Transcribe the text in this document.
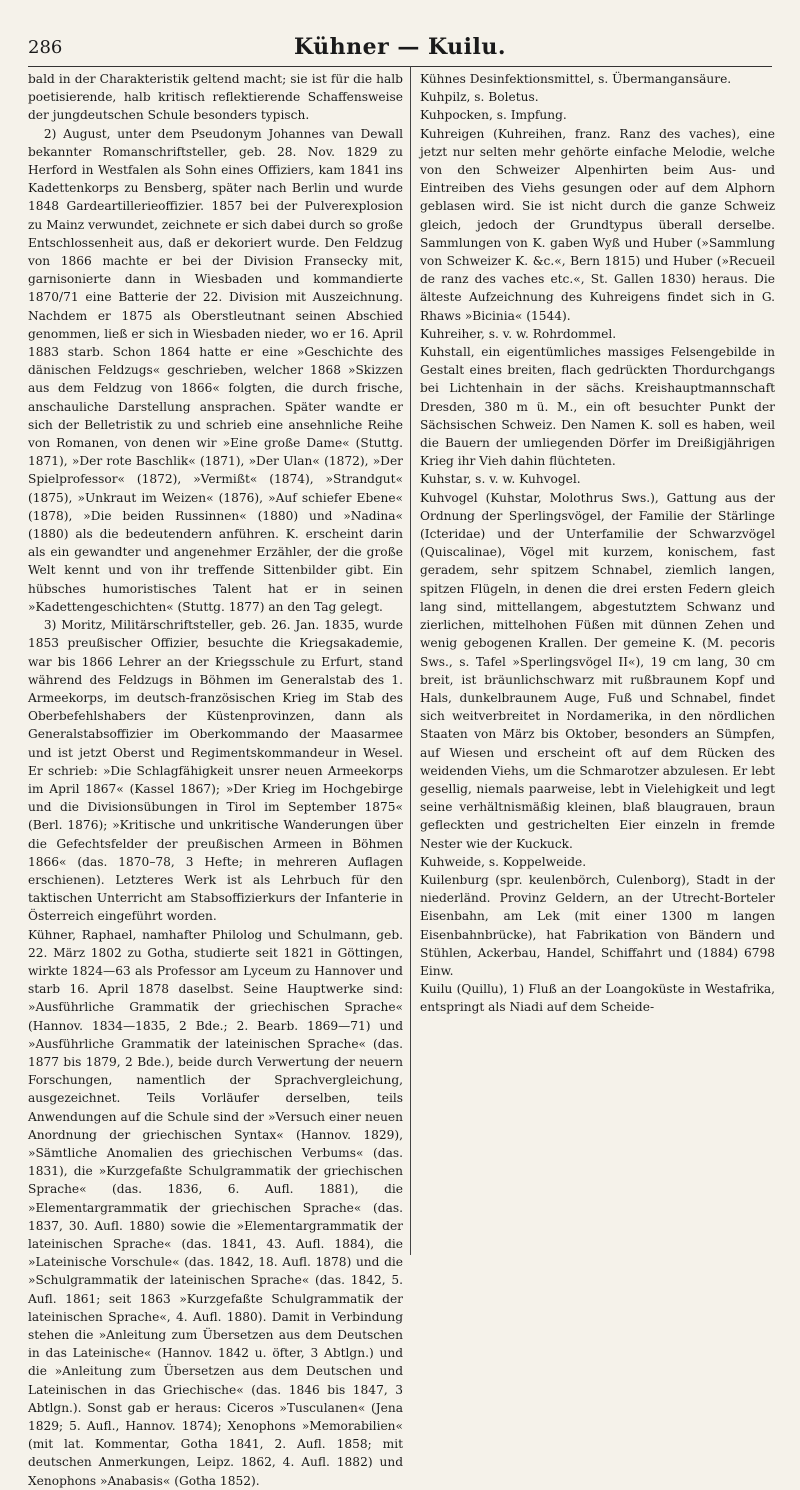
286	Kühner — Kuilu.

bald in der Charakteristik geltend macht; sie ist für die halb poetisierende, halb kritisch reflektierende Schaffensweise der jungdeutschen Schule besonders typisch.

2) August, unter dem Pseudonym Johannes van Dewall bekannter Romanschriftsteller, geb. 28. Nov. 1829 zu Herford in Westfalen als Sohn eines Offiziers, kam 1841 ins Kadettenkorps zu Bensberg, später nach Berlin und wurde 1848 Gardeartillerieoffizier. 1857 bei der Pulverexplosion zu Mainz verwundet, zeichnete er sich dabei durch so große Entschlossenheit aus, daß er dekoriert wurde. Den Feldzug von 1866 machte er bei der Division Fransecky mit, garnisonierte dann in Wiesbaden und kommandierte 1870/71 eine Batterie der 22. Division mit Auszeichnung. Nachdem er 1875 als Oberstleutnant seinen Abschied genommen, ließ er sich in Wiesbaden nieder, wo er 16. April 1883 starb. Schon 1864 hatte er eine »Geschichte des dänischen Feldzugs« geschrieben, welcher 1868 »Skizzen aus dem Feldzug von 1866« folgten, die durch frische, anschauliche Darstellung ansprachen. Später wandte er sich der Belletristik zu und schrieb eine ansehnliche Reihe von Romanen, von denen wir »Eine große Dame« (Stuttg. 1871), »Der rote Baschlik« (1871), »Der Ulan« (1872), »Der Spielprofessor« (1872), »Vermißt« (1874), »Strandgut« (1875), »Unkraut im Weizen« (1876), »Auf schiefer Ebene« (1878), »Die beiden Russinnen« (1880) und »Nadina« (1880) als die bedeutendern anführen. K. erscheint darin als ein gewandter und angenehmer Erzähler, der die große Welt kennt und von ihr treffende Sittenbilder gibt. Ein hübsches humoristisches Talent hat er in seinen »Kadettengeschichten« (Stuttg. 1877) an den Tag gelegt.

3) Moritz, Militärschriftsteller, geb. 26. Jan. 1835, wurde 1853 preußischer Offizier, besuchte die Kriegsakademie, war bis 1866 Lehrer an der Kriegsschule zu Erfurt, stand während des Feldzugs in Böhmen im Generalstab des 1. Armeekorps, im deutsch-französischen Krieg im Stab des Oberbefehlshabers der Küstenprovinzen, dann als Generalstabsoffizier im Oberkommando der Maasarmee und ist jetzt Oberst und Regimentskommandeur in Wesel. Er schrieb: »Die Schlagfähigkeit unsrer neuen Armeekorps im April 1867« (Kassel 1867); »Der Krieg im Hochgebirge und die Divisionsübungen in Tirol im September 1875« (Berl. 1876); »Kritische und unkritische Wanderungen über die Gefechtsfelder der preußischen Armeen in Böhmen 1866« (das. 1870–78, 3 Hefte; in mehreren Auflagen erschienen). Letzteres Werk ist als Lehrbuch für den taktischen Unterricht am Stabsoffizierkurs der Infanterie in Österreich eingeführt worden.

Kühner, Raphael, namhafter Philolog und Schulmann, geb. 22. März 1802 zu Gotha, studierte seit 1821 in Göttingen, wirkte 1824—63 als Professor am Lyceum zu Hannover und starb 16. April 1878 daselbst. Seine Hauptwerke sind: »Ausführliche Grammatik der griechischen Sprache« (Hannov. 1834—1835, 2 Bde.; 2. Bearb. 1869—71) und »Ausführliche Grammatik der lateinischen Sprache« (das. 1877 bis 1879, 2 Bde.), beide durch Verwertung der neuern Forschungen, namentlich der Sprachvergleichung, ausgezeichnet. Teils Vorläufer derselben, teils Anwendungen auf die Schule sind der »Versuch einer neuen Anordnung der griechischen Syntax« (Hannov. 1829), »Sämtliche Anomalien des griechischen Verbums« (das. 1831), die »Kurzgefaßte Schulgrammatik der griechischen Sprache« (das. 1836, 6. Aufl. 1881), die »Elementargrammatik der griechischen Sprache« (das. 1837, 30. Aufl. 1880) sowie die »Elementargrammatik der lateinischen Sprache« (das. 1841, 43. Aufl. 1884), die »Lateinische Vorschule« (das. 1842, 18. Aufl. 1878) und die »Schulgrammatik der lateinischen Sprache« (das. 1842, 5. Aufl. 1861; seit 1863 »Kurzgefaßte Schulgrammatik der lateinischen Sprache«, 4. Aufl. 1880). Damit in Verbindung stehen die »Anleitung zum Übersetzen aus dem Deutschen in das Lateinische« (Hannov. 1842 u. öfter, 3 Abtlgn.) und die »Anleitung zum Übersetzen aus dem Deutschen und Lateinischen in das Griechische« (das. 1846 bis 1847, 3 Abtlgn.). Sonst gab er heraus: Ciceros »Tusculanen« (Jena 1829; 5. Aufl., Hannov. 1874); Xenophons »Memorabilien« (mit lat. Kommentar, Gotha 1841, 2. Aufl. 1858; mit deutschen Anmerkungen, Leipz. 1862, 4. Aufl. 1882) und Xenophons »Anabasis« (Gotha 1852).

Kühnes Desinfektionsmittel, s. Übermangansäure.

Kuhpilz, s. Boletus.

Kuhpocken, s. Impfung.

Kuhreigen (Kuhreihen, franz. Ranz des vaches), eine jetzt nur selten mehr gehörte einfache Melodie, welche von den Schweizer Alpenhirten beim Aus- und Eintreiben des Viehs gesungen oder auf dem Alphorn geblasen wird. Sie ist nicht durch die ganze Schweiz gleich, jedoch der Grundtypus überall derselbe. Sammlungen von K. gaben Wyß und Huber (»Sammlung von Schweizer K. &c.«, Bern 1815) und Huber (»Recueil de ranz des vaches etc.«, St. Gallen 1830) heraus. Die älteste Aufzeichnung des Kuhreigens findet sich in G. Rhaws »Bicinia« (1544).

Kuhreiher, s. v. w. Rohrdommel.

Kuhstall, ein eigentümliches massiges Felsengebilde in Gestalt eines breiten, flach gedrückten Thordurchgangs bei Lichtenhain in der sächs. Kreishauptmannschaft Dresden, 380 m ü. M., ein oft besuchter Punkt der Sächsischen Schweiz. Den Namen K. soll es haben, weil die Bauern der umliegenden Dörfer im Dreißigjährigen Krieg ihr Vieh dahin flüchteten.

Kuhstar, s. v. w. Kuhvogel.

Kuhvogel (Kuhstar, Molothrus Sws.), Gattung aus der Ordnung der Sperlingsvögel, der Familie der Stärlinge (Icteridae) und der Unterfamilie der Schwarzvögel (Quiscalinae), Vögel mit kurzem, konischem, fast geradem, sehr spitzem Schnabel, ziemlich langen, spitzen Flügeln, in denen die drei ersten Federn gleich lang sind, mittellangem, abgestutztem Schwanz und zierlichen, mittelhohen Füßen mit dünnen Zehen und wenig gebogenen Krallen. Der gemeine K. (M. pecoris Sws., s. Tafel »Sperlingsvögel II«), 19 cm lang, 30 cm breit, ist bräunlichschwarz mit rußbraunem Kopf und Hals, dunkelbraunem Auge, Fuß und Schnabel, findet sich weitverbreitet in Nordamerika, in den nördlichen Staaten von März bis Oktober, besonders an Sümpfen, auf Wiesen und erscheint oft auf dem Rücken des weidenden Viehs, um die Schmarotzer abzulesen. Er lebt gesellig, niemals paarweise, lebt in Vielehigkeit und legt seine verhältnismäßig kleinen, blaß blaugrauen, braun gefleckten und gestrichelten Eier einzeln in fremde Nester wie der Kuckuck.

Kuhweide, s. Koppelweide.

Kuilenburg (spr. keulenbörch, Culenborg), Stadt in der niederländ. Provinz Geldern, an der Utrecht-Borteler Eisenbahn, am Lek (mit einer 1300 m langen Eisenbahnbrücke), hat Fabrikation von Bändern und Stühlen, Ackerbau, Handel, Schiffahrt und (1884) 6798 Einw.

Kuilu (Quillu), 1) Fluß an der Loangoküste in Westafrika, entspringt als Niadi auf dem Scheide-
